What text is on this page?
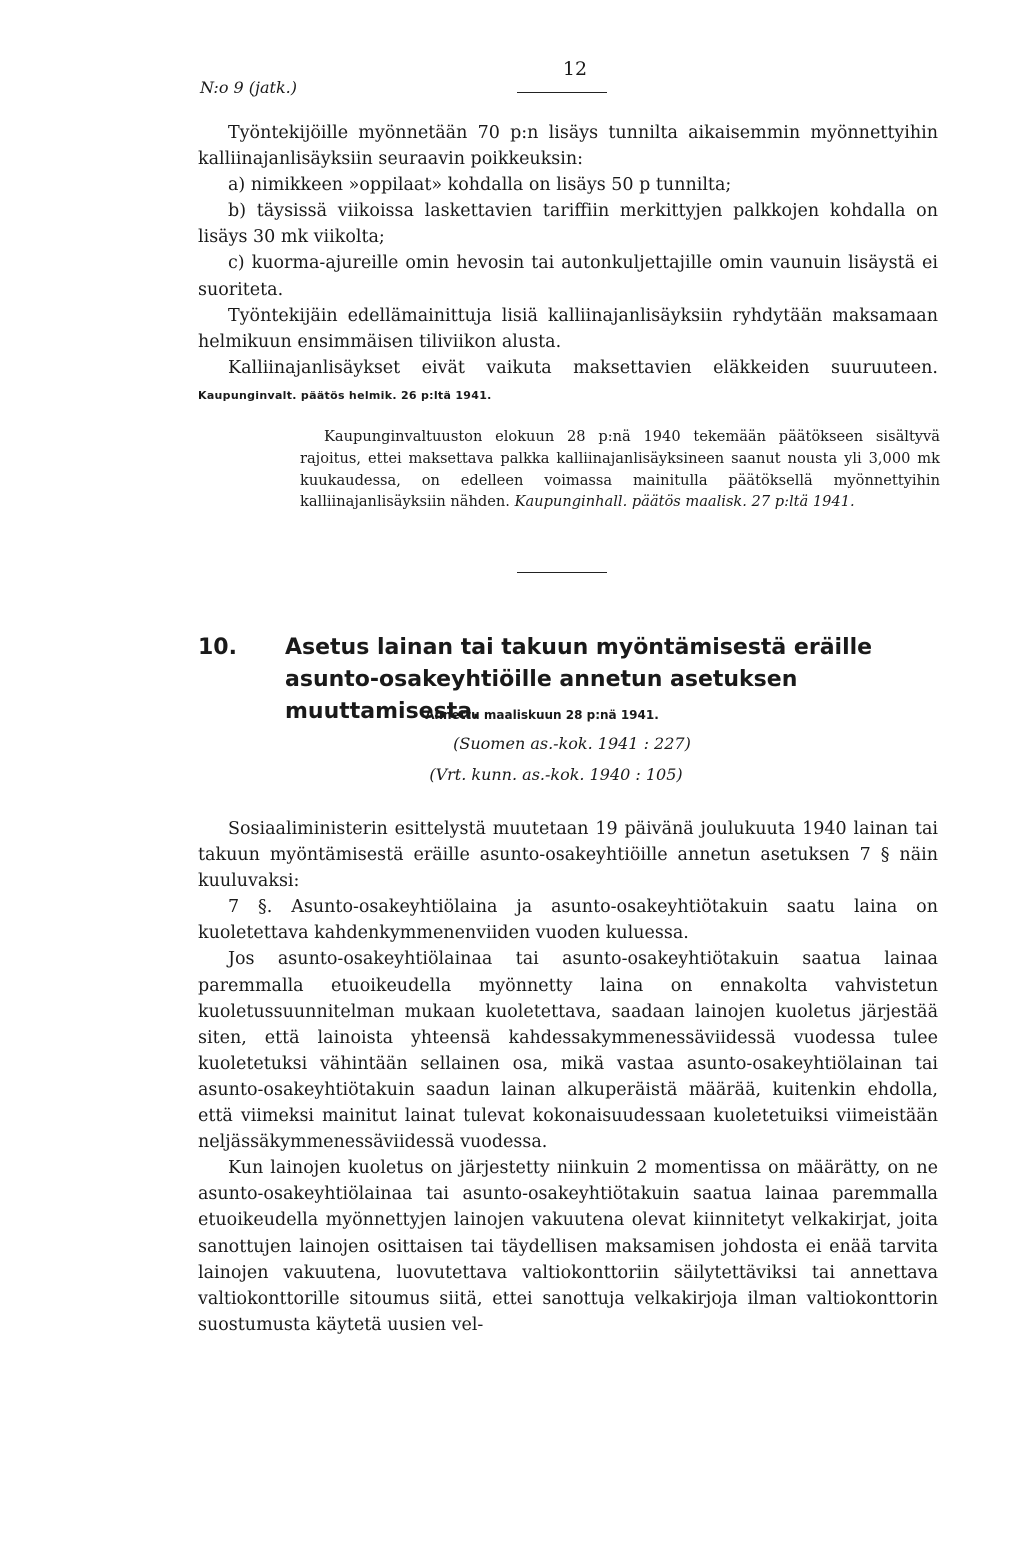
N:o 9 (jatk.)
12

Työntekijöille myönnetään 70 p:n lisäys tunnilta aikaisemmin myönnettyihin kalliinajanlisäyksiin seuraavin poikkeuksin:

a) nimikkeen »oppilaat» kohdalla on lisäys 50 p tunnilta;

b) täysissä viikoissa laskettavien tariffiin merkittyjen palkkojen kohdalla on lisäys 30 mk viikolta;

c) kuorma-ajureille omin hevosin tai autonkuljettajille omin vaunuin lisäystä ei suoriteta.

Työntekijäin edellämainittuja lisiä kalliinajanlisäyksiin ryhdytään maksamaan helmikuun ensimmäisen tiliviikon alusta.

Kalliinajanlisäykset eivät vaikuta maksettavien eläkkeiden suuruuteen. Kaupunginvalt. päätös helmik. 26 p:ltä 1941.

Kaupunginvaltuuston elokuun 28 p:nä 1940 tekemään päätökseen sisältyvä rajoitus, ettei maksettava palkka kalliinajanlisäyksineen saanut nousta yli 3,000 mk kuukaudessa, on edelleen voimassa mainitulla päätöksellä myönnettyihin kalliinajanlisäyksiin nähden. Kaupunginhall. päätös maalisk. 27 p:ltä 1941.

10.	Asetus lainan tai takuun myöntämisestä eräille asunto-osakeyhtiöille annetun asetuksen muuttamisesta.
Annettu maaliskuun 28 p:nä 1941.
(Suomen as.-kok. 1941 : 227)
(Vrt. kunn. as.-kok. 1940 : 105)

Sosiaaliministerin esittelystä muutetaan 19 päivänä joulukuuta 1940 lainan tai takuun myöntämisestä eräille asunto-osakeyhtiöille annetun asetuksen 7 § näin kuuluvaksi:

7 §. Asunto-osakeyhtiölaina ja asunto-osakeyhtiötakuin saatu laina on kuoletettava kahdenkymmenenviiden vuoden kuluessa.

Jos asunto-osakeyhtiölainaa tai asunto-osakeyhtiötakuin saatua lainaa paremmalla etuoikeudella myönnetty laina on ennakolta vahvistetun kuoletussuunnitelman mukaan kuoletettava, saadaan lainojen kuoletus järjestää siten, että lainoista yhteensä kahdessakymmenessäviidessä vuodessa tulee kuoletetuksi vähintään sellainen osa, mikä vastaa asunto-osakeyhtiölainan tai asunto-osakeyhtiötakuin saadun lainan alkuperäistä määrää, kuitenkin ehdolla, että viimeksi mainitut lainat tulevat kokonaisuudessaan kuoletetuiksi viimeistään neljässäkymmenessäviidessä vuodessa.

Kun lainojen kuoletus on järjestetty niinkuin 2 momentissa on määrätty, on ne asunto-osakeyhtiölainaa tai asunto-osakeyhtiötakuin saatua lainaa paremmalla etuoikeudella myönnettyjen lainojen vakuutena olevat kiinnitetyt velkakirjat, joita sanottujen lainojen osittaisen tai täydellisen maksamisen johdosta ei enää tarvita lainojen vakuutena, luovutettava valtiokonttoriin säilytettäviksi tai annettava valtiokonttorille sitoumus siitä, ettei sanottuja velkakirjoja ilman valtiokonttorin suostumusta käytetä uusien vel-
